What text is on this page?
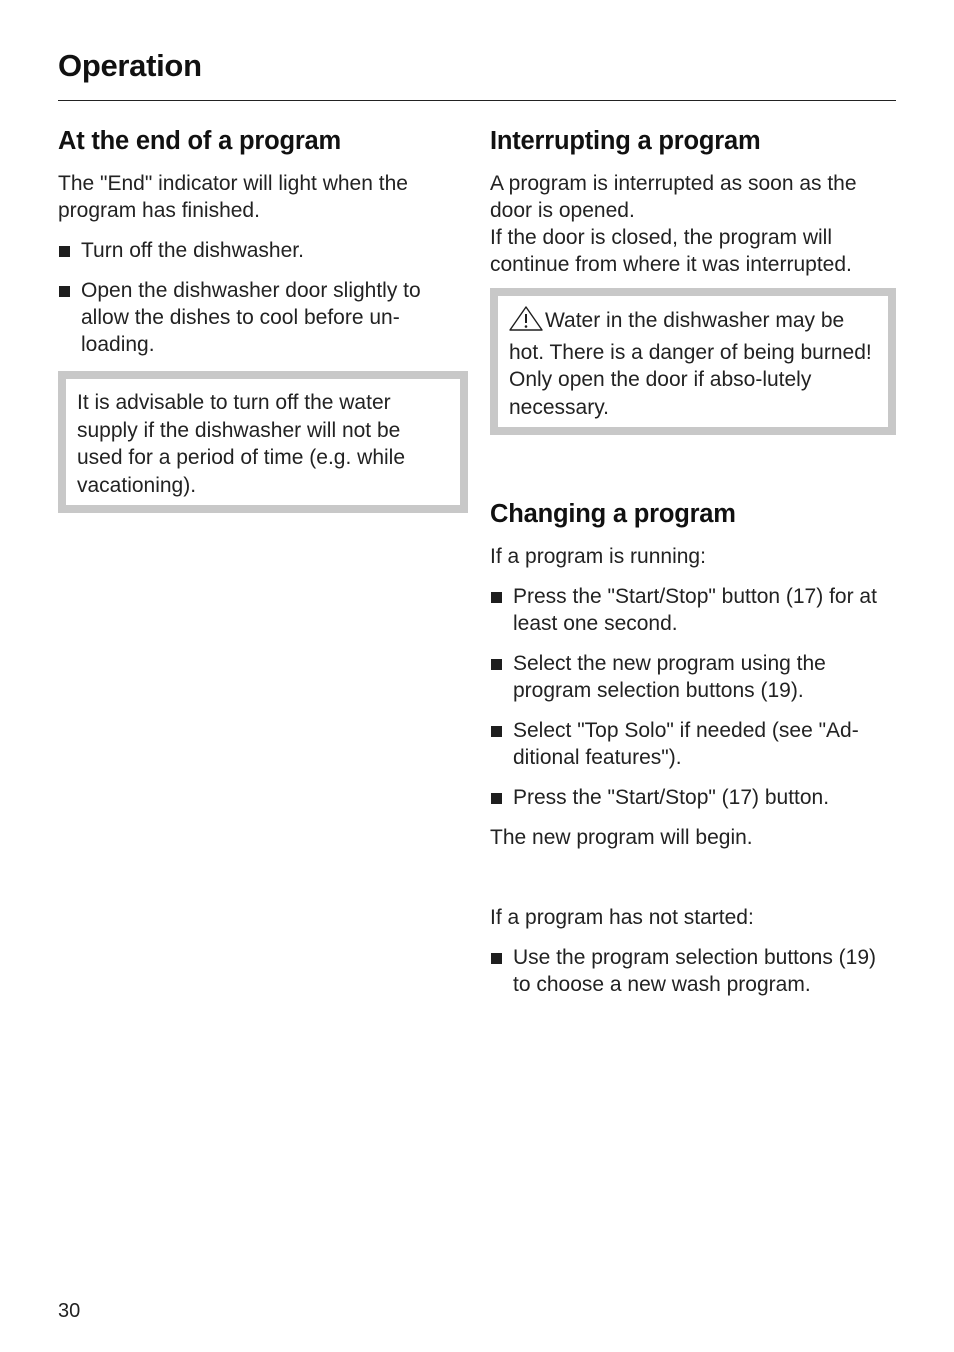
Operation
At the end of a program

The "End" indicator will light when the program has finished.

Turn off the dishwasher.
Open the dishwasher door slightly to allow the dishes to cool before un-loading.

It is advisable to turn off the water supply if the dishwasher will not be used for a period of time (e.g. while vacationing).

Interrupting a program

A program is interrupted as soon as the door is opened.

If the door is closed, the program will continue from where it was interrupted.

Water in the dishwasher may be hot. There is a danger of being burned! Only open the door if abso-lutely necessary.

Changing a program

If a program is running:

Press the "Start/Stop" button (17) for at least one second.
Select the new program using the program selection buttons (19).
Select "Top Solo" if needed (see "Ad-ditional features").
Press the "Start/Stop" (17) button.

The new program will begin.

If a program has not started:

Use the program selection buttons (19) to choose a new wash program.
30
